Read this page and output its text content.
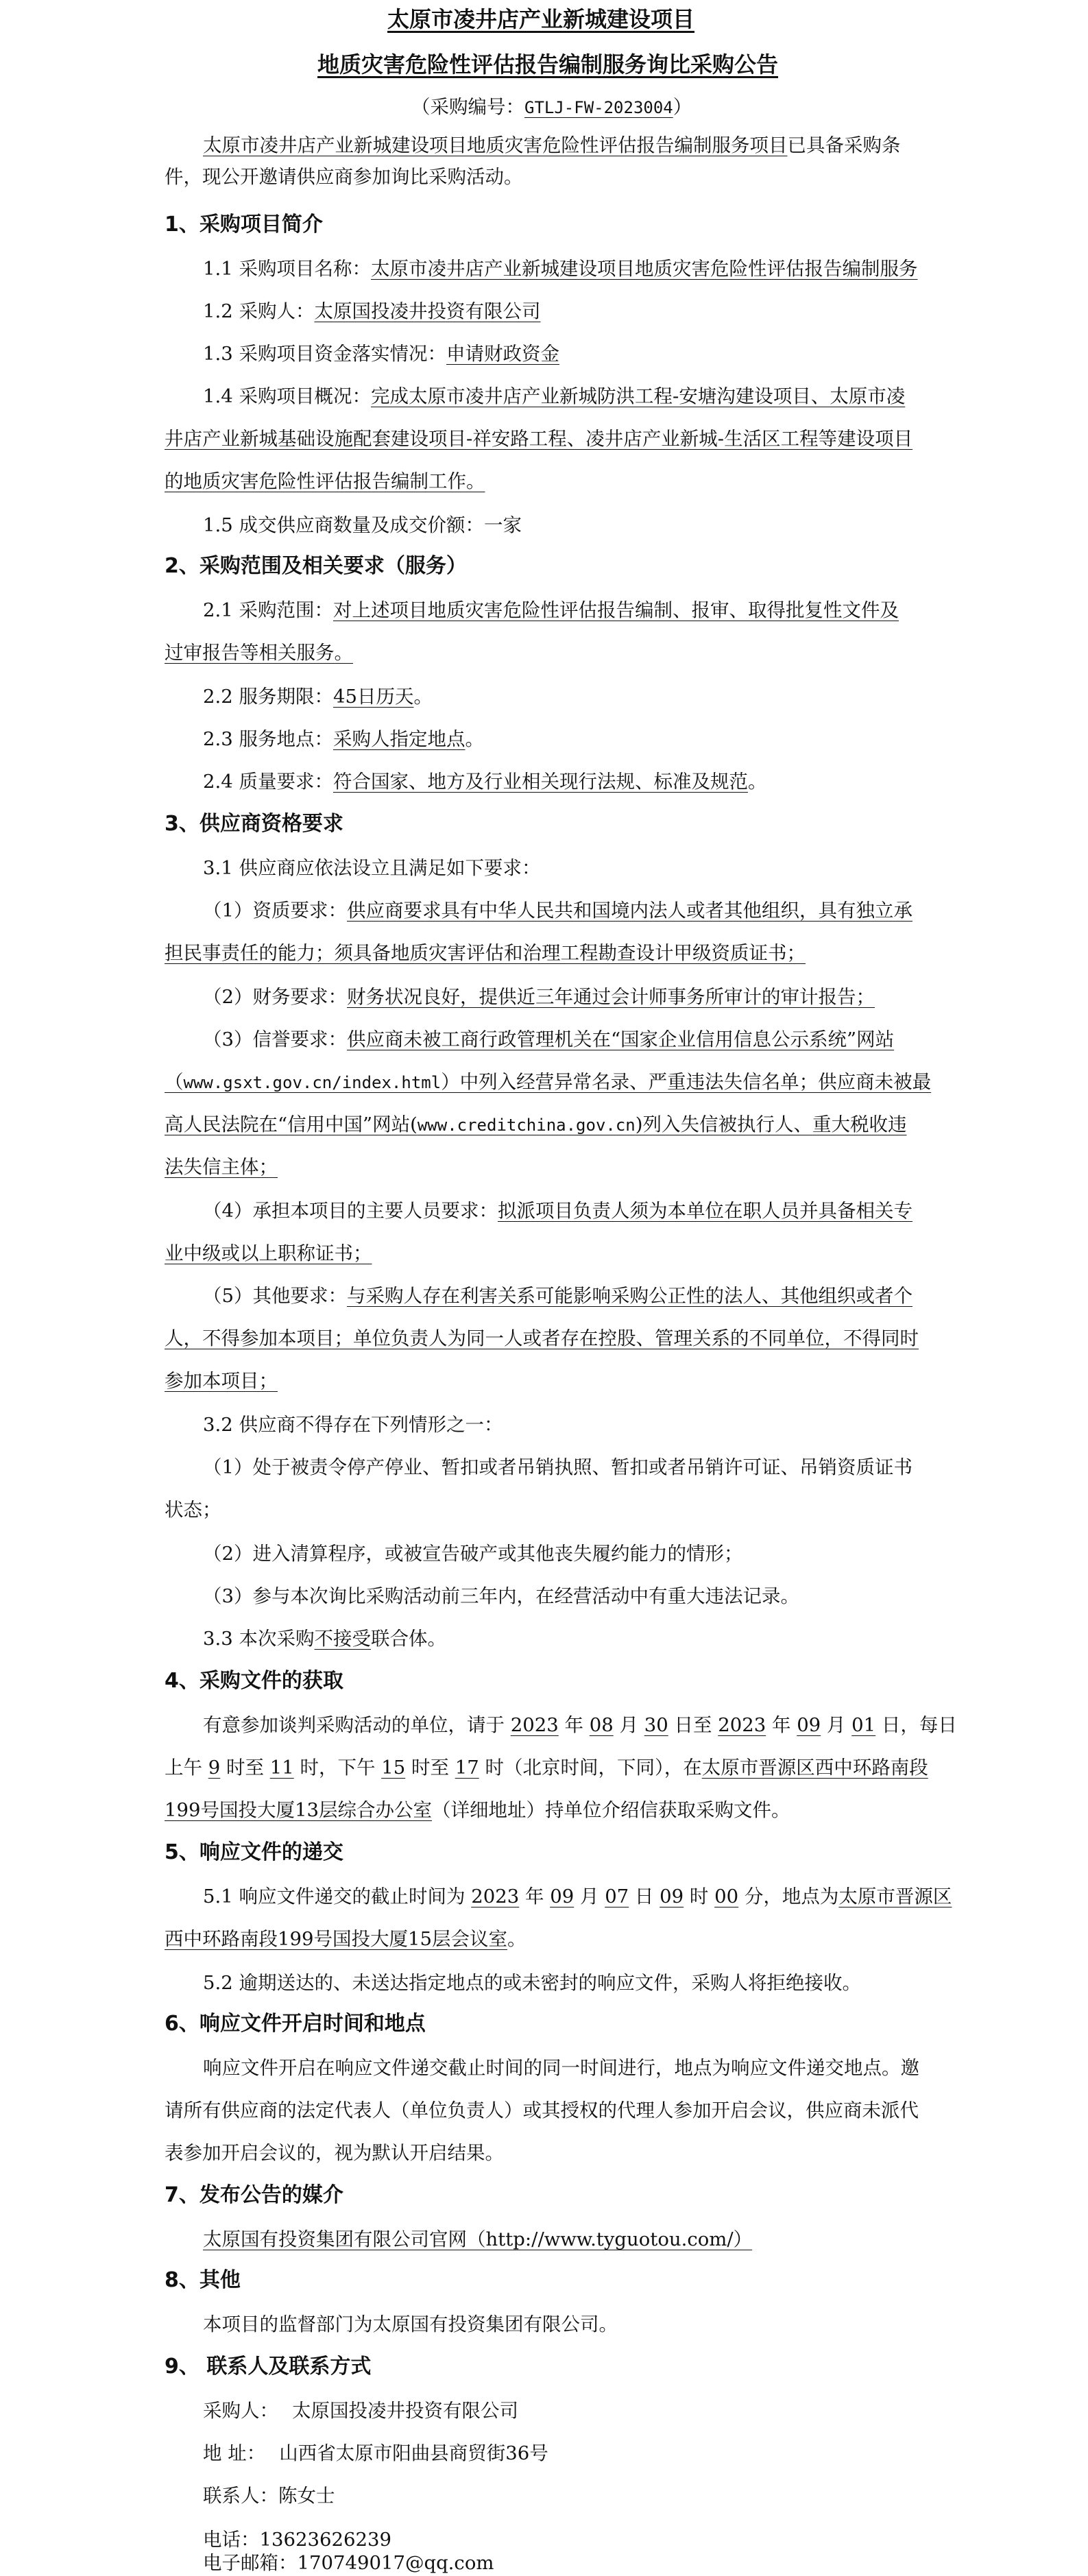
太原市凌井店产业新城建设项目
地质灾害危险性评估报告编制服务询比采购公告
（采购编号：GTLJ-FW-2023004）
太原市凌井店产业新城建设项目地质灾害危险性评估报告编制服务项目已具备采购条
件，现公开邀请供应商参加询比采购活动。
1、采购项目简介
1.1 采购项目名称：太原市凌井店产业新城建设项目地质灾害危险性评估报告编制服务
1.2 采购人：太原国投凌井投资有限公司
1.3 采购项目资金落实情况：申请财政资金
1.4 采购项目概况：完成太原市凌井店产业新城防洪工程-安塘沟建设项目、太原市凌
井店产业新城基础设施配套建设项目-祥安路工程、凌井店产业新城-生活区工程等建设项目
的地质灾害危险性评估报告编制工作。
1.5 成交供应商数量及成交价额：一家
2、采购范围及相关要求（服务）
2.1 采购范围：对上述项目地质灾害危险性评估报告编制、报审、取得批复性文件及
过审报告等相关服务。
2.2 服务期限：45日历天。
2.3 服务地点：采购人指定地点。
2.4 质量要求：符合国家、地方及行业相关现行法规、标准及规范。
3、供应商资格要求
3.1 供应商应依法设立且满足如下要求：
（1）资质要求：供应商要求具有中华人民共和国境内法人或者其他组织，具有独立承
担民事责任的能力；须具备地质灾害评估和治理工程勘查设计甲级资质证书；
（2）财务要求：财务状况良好，提供近三年通过会计师事务所审计的审计报告；
（3）信誉要求：供应商未被工商行政管理机关在“国家企业信用信息公示系统”网站
（www.gsxt.gov.cn/index.html）中列入经营异常名录、严重违法失信名单；供应商未被最
高人民法院在“信用中国”网站(www.creditchina.gov.cn)列入失信被执行人、重大税收违
法失信主体；
（4）承担本项目的主要人员要求：拟派项目负责人须为本单位在职人员并具备相关专
业中级或以上职称证书；
（5）其他要求：与采购人存在利害关系可能影响采购公正性的法人、其他组织或者个
人，不得参加本项目；单位负责人为同一人或者存在控股、管理关系的不同单位，不得同时
参加本项目；
3.2 供应商不得存在下列情形之一：
（1）处于被责令停产停业、暂扣或者吊销执照、暂扣或者吊销许可证、吊销资质证书
状态；
（2）进入清算程序，或被宣告破产或其他丧失履约能力的情形；
（3）参与本次询比采购活动前三年内，在经营活动中有重大违法记录。
3.3 本次采购不接受联合体。
4、采购文件的获取
有意参加谈判采购活动的单位，请于 2023 年 08 月 30 日至 2023 年 09 月 01 日，每日
上午 9 时至 11 时，下午 15 时至 17 时（北京时间，下同），在太原市晋源区西中环路南段
199号国投大厦13层综合办公室（详细地址）持单位介绍信获取采购文件。
5、响应文件的递交
5.1 响应文件递交的截止时间为 2023 年 09 月 07 日 09 时 00 分，地点为太原市晋源区
西中环路南段199号国投大厦15层会议室。
5.2 逾期送达的、未送达指定地点的或未密封的响应文件，采购人将拒绝接收。
6、响应文件开启时间和地点
响应文件开启在响应文件递交截止时间的同一时间进行，地点为响应文件递交地点。邀
请所有供应商的法定代表人（单位负责人）或其授权的代理人参加开启会议，供应商未派代
表参加开启会议的，视为默认开启结果。
7、发布公告的媒介
太原国有投资集团有限公司官网（http://www.tyguotou.com/）
8、其他
本项目的监督部门为太原国有投资集团有限公司。
9、 联系人及联系方式
采购人： 太原国投凌井投资有限公司
地 址： 山西省太原市阳曲县商贸街36号
联系人：陈女士
电话：13623626239
电子邮箱：170749017@qq.com
